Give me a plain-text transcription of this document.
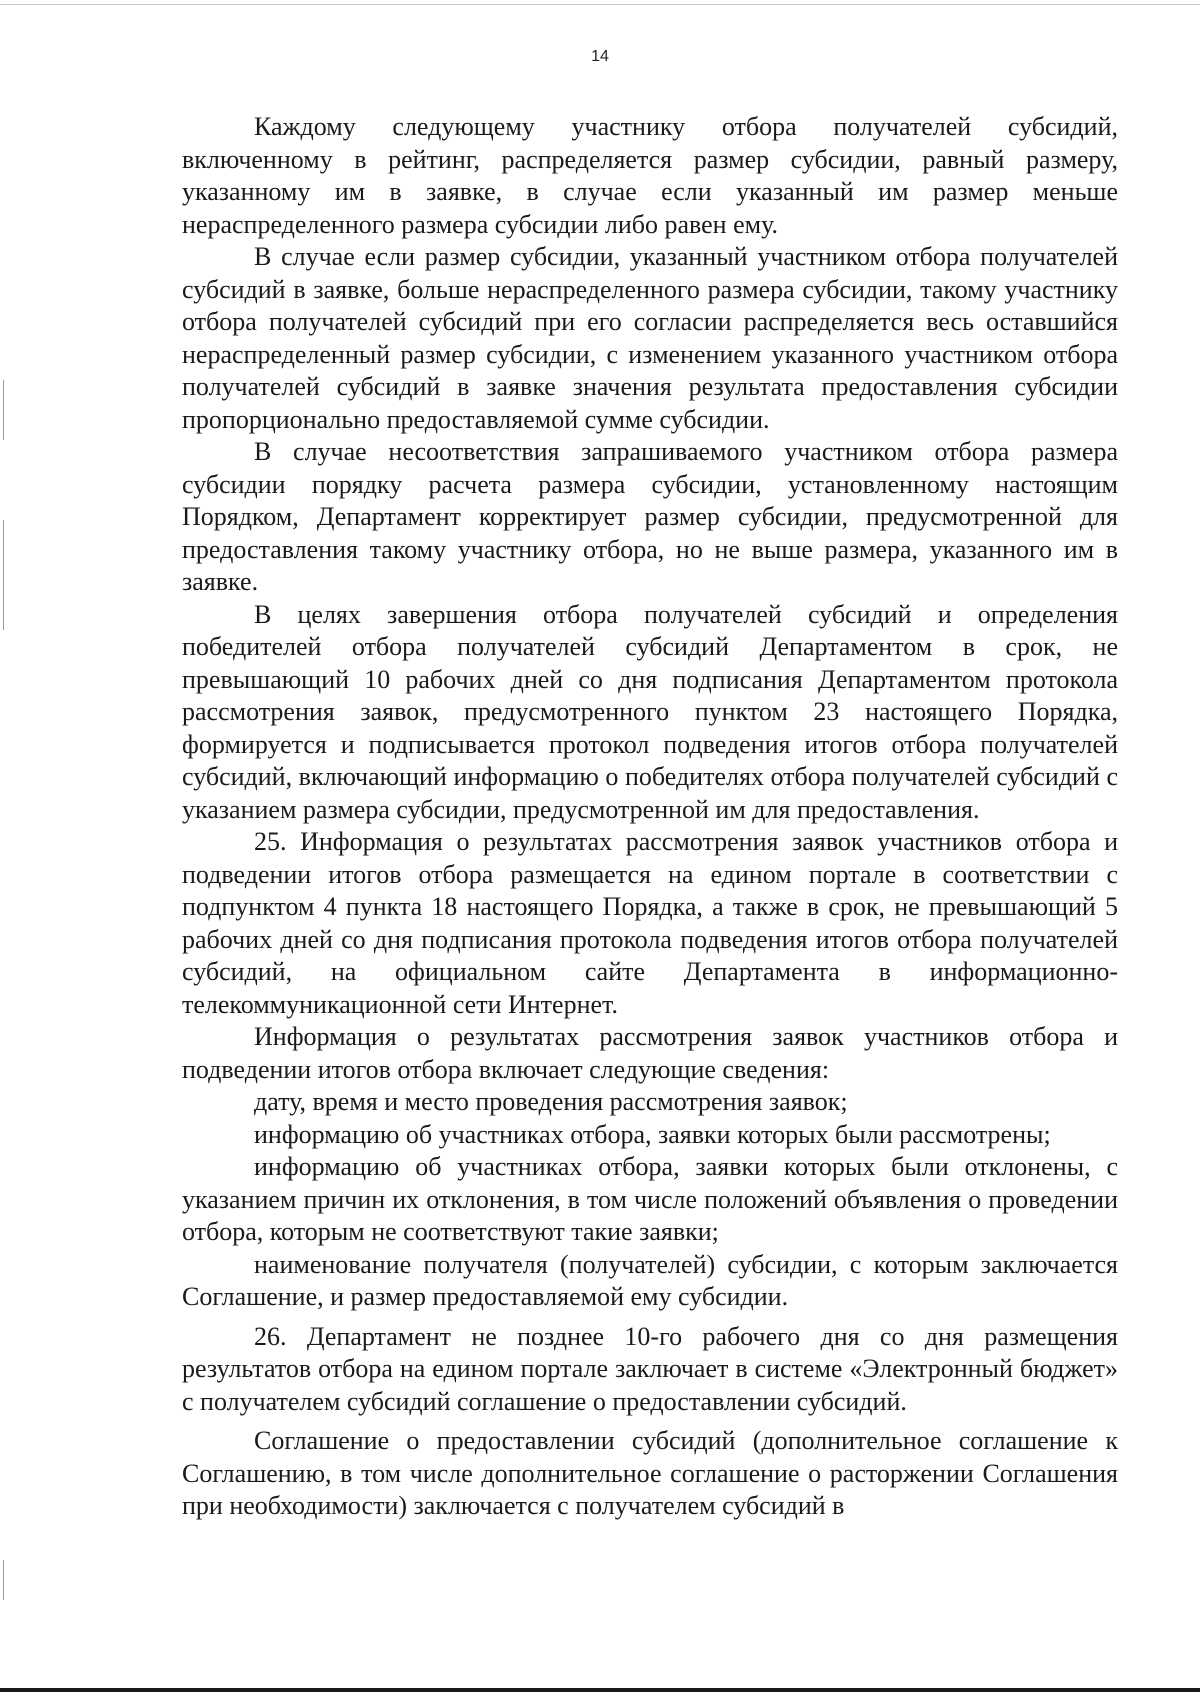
14

Каждому следующему участнику отбора получателей субсидий, включенному в рейтинг, распределяется размер субсидии, равный размеру, указанному им в заявке, в случае если указанный им размер меньше нераспределенного размера субсидии либо равен ему.

В случае если размер субсидии, указанный участником отбора получателей субсидий в заявке, больше нераспределенного размера субсидии, такому участнику отбора получателей субсидий при его согласии распределяется весь оставшийся нераспределенный размер субсидии, с изменением указанного участником отбора получателей субсидий в заявке значения результата предоставления субсидии пропорционально предоставляемой сумме субсидии.

В случае несоответствия запрашиваемого участником отбора размера субсидии порядку расчета размера субсидии, установленному настоящим Порядком, Департамент корректирует размер субсидии, предусмотренной для предоставления такому участнику отбора, но не выше размера, указанного им в заявке.

В целях завершения отбора получателей субсидий и определения победителей отбора получателей субсидий Департаментом в срок, не превышающий 10 рабочих дней со дня подписания Департаментом протокола рассмотрения заявок, предусмотренного пунктом 23 настоящего Порядка, формируется и подписывается протокол подведения итогов отбора получателей субсидий, включающий информацию о победителях отбора получателей субсидий с указанием размера субсидии, предусмотренной им для предоставления.

25. Информация о результатах рассмотрения заявок участников отбора и подведении итогов отбора размещается на едином портале в соответствии с подпунктом 4 пункта 18 настоящего Порядка, а также в срок, не превышающий 5 рабочих дней со дня подписания протокола подведения итогов отбора получателей субсидий, на официальном сайте Департамента в информационно-телекоммуникационной сети Интернет.

Информация о результатах рассмотрения заявок участников отбора и подведении итогов отбора включает следующие сведения:

дату, время и место проведения рассмотрения заявок;

информацию об участниках отбора, заявки которых были рассмотрены;

информацию об участниках отбора, заявки которых были отклонены, с указанием причин их отклонения, в том числе положений объявления о проведении отбора, которым не соответствуют такие заявки;

наименование получателя (получателей) субсидии, с которым заключается Соглашение, и размер предоставляемой ему субсидии.

26. Департамент не позднее 10-го рабочего дня со дня размещения результатов отбора на едином портале заключает в системе «Электронный бюджет» с получателем субсидий соглашение о предоставлении субсидий.

Соглашение о предоставлении субсидий (дополнительное соглашение к Соглашению, в том числе дополнительное соглашение о расторжении Соглашения при необходимости) заключается с получателем субсидий в
